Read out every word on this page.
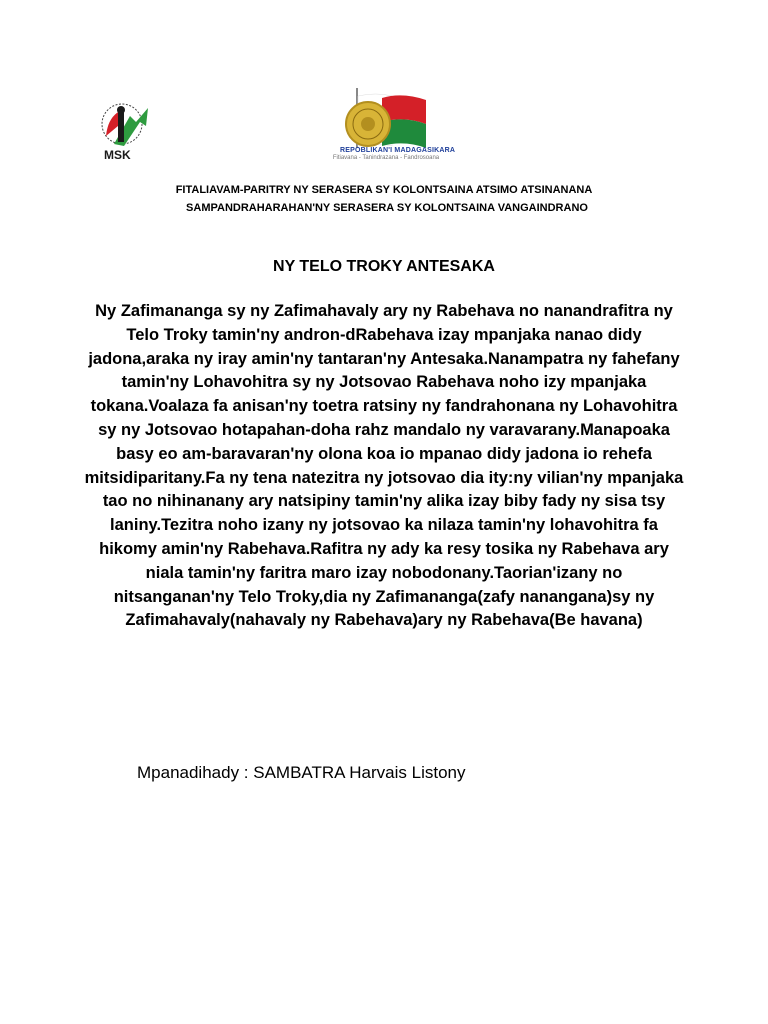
MSK	REPOBLIKAN'I MADAGASIKARA
Fitiavana - Tanindrazana - Fandrosoana
FITALIAVAM-PARITRY NY SERASERA SY KOLONTSAINA ATSIMO ATSINANANA
SAMPANDRAHARAHAN'NY SERASERA SY KOLONTSAINA VANGAINDRANO
NY TELO TROKY ANTESAKA
Ny Zafimananga sy ny Zafimahavaly ary ny Rabehava no nanandrafitra ny Telo Troky tamin'ny andron-dRabehava izay mpanjaka nanao didy jadona,araka ny iray amin'ny tantaran'ny Antesaka.Nanampatra ny fahefany tamin'ny Lohavohitra sy ny Jotsovao Rabehava noho izy mpanjaka tokana.Voalaza fa anisan'ny toetra ratsiny ny fandrahonana ny Lohavohitra sy ny Jotsovao hotapahan-doha rahz mandalo ny varavarany.Manapoaka basy eo am-baravaran'ny olona koa io mpanao didy jadona io rehefa mitsidiparitany.Fa ny tena natezitra ny jotsovao dia ity:ny vilian'ny mpanjaka tao no nihinanany ary natsipiny tamin'ny alika izay biby fady ny sisa tsy laniny.Tezitra noho izany ny jotsovao ka nilaza tamin'ny lohavohitra fa hikomy amin'ny Rabehava.Rafitra ny ady ka resy tosika ny Rabehava ary niala tamin'ny faritra maro izay nobodonany.Taorian'izany no nitsanganan'ny Telo Troky,dia ny Zafimananga(zafy nanangana)sy ny Zafimahavaly(nahavaly ny Rabehava)ary ny Rabehava(Be havana)
Mpanadihady : SAMBATRA Harvais Listony
